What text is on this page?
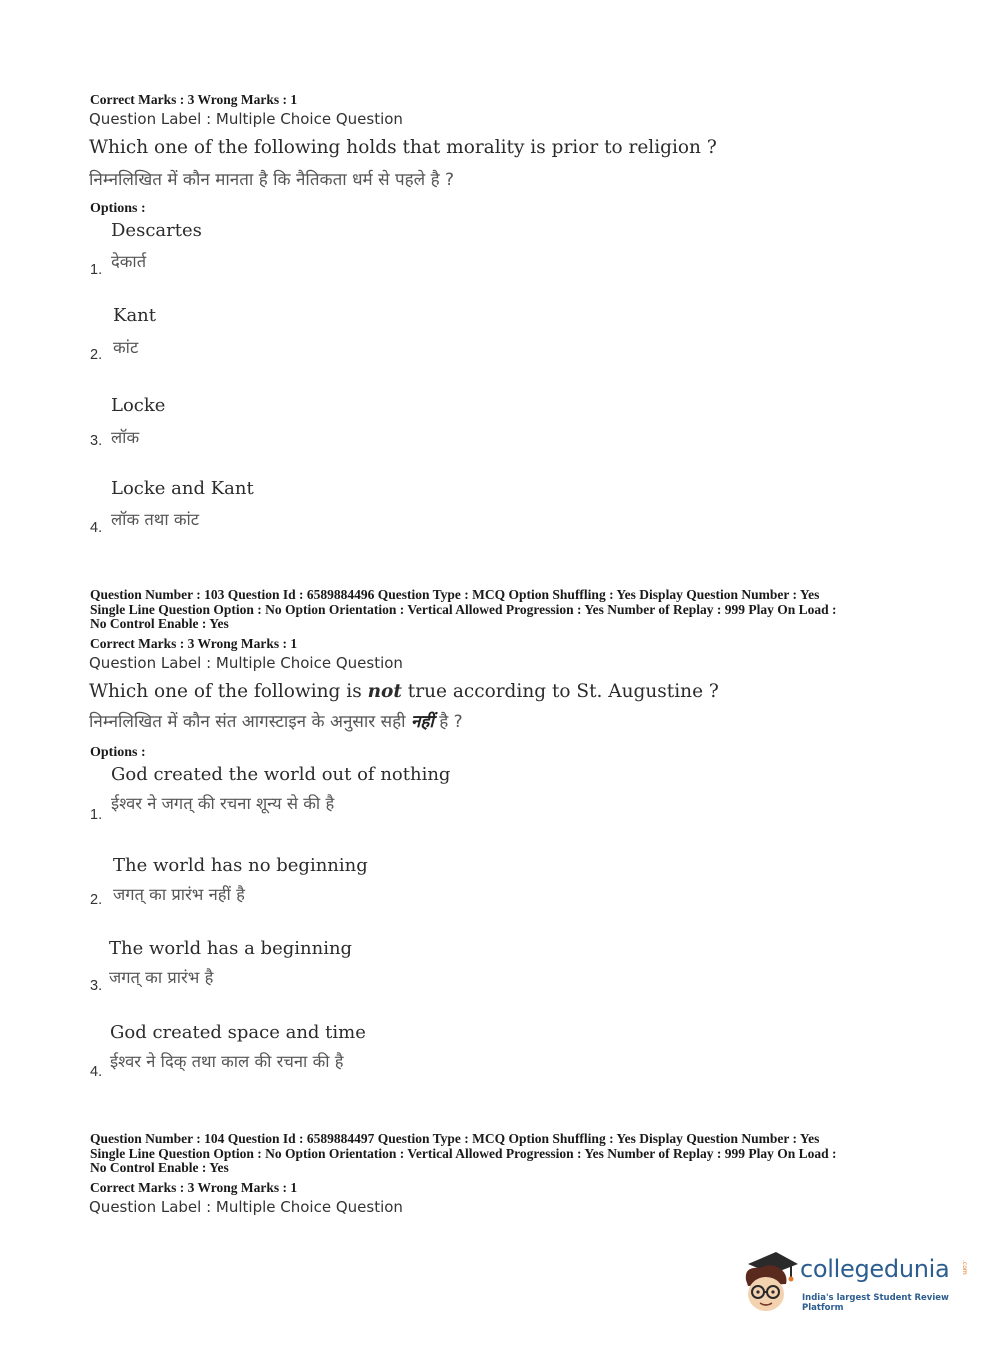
Correct Marks : 3 Wrong Marks : 1
Question Label : Multiple Choice Question
Which one of the following holds that morality is prior to religion ?
निम्नलिखित में कौन मानता है कि नैतिकता धर्म से पहले है ?
Options :
Descartes
देकार्त
1.
Kant
कांट
2.
Locke
लॉक
3.
Locke and Kant
लॉक तथा कांट
4.
Question Number : 103 Question Id : 6589884496 Question Type : MCQ Option Shuffling : Yes Display Question Number : Yes
Single Line Question Option : No Option Orientation : Vertical Allowed Progression : Yes Number of Replay : 999 Play On Load :
No Control Enable : Yes
Correct Marks : 3 Wrong Marks : 1
Question Label : Multiple Choice Question
Which one of the following is not true according to St. Augustine ?
निम्नलिखित में कौन संत आगस्टाइन के अनुसार सही नहीं है ?
Options :
God created the world out of nothing
ईश्वर ने जगत् की रचना शून्य से की है
1.
The world has no beginning
जगत् का प्रारंभ नहीं है
2.
The world has a beginning
जगत् का प्रारंभ है
3.
God created space and time
ईश्वर ने दिक् तथा काल की रचना की है
4.
Question Number : 104 Question Id : 6589884497 Question Type : MCQ Option Shuffling : Yes Display Question Number : Yes
Single Line Question Option : No Option Orientation : Vertical Allowed Progression : Yes Number of Replay : 999 Play On Load :
No Control Enable : Yes
Correct Marks : 3 Wrong Marks : 1
Question Label : Multiple Choice Question
collegedunia .com
India's largest Student Review Platform
